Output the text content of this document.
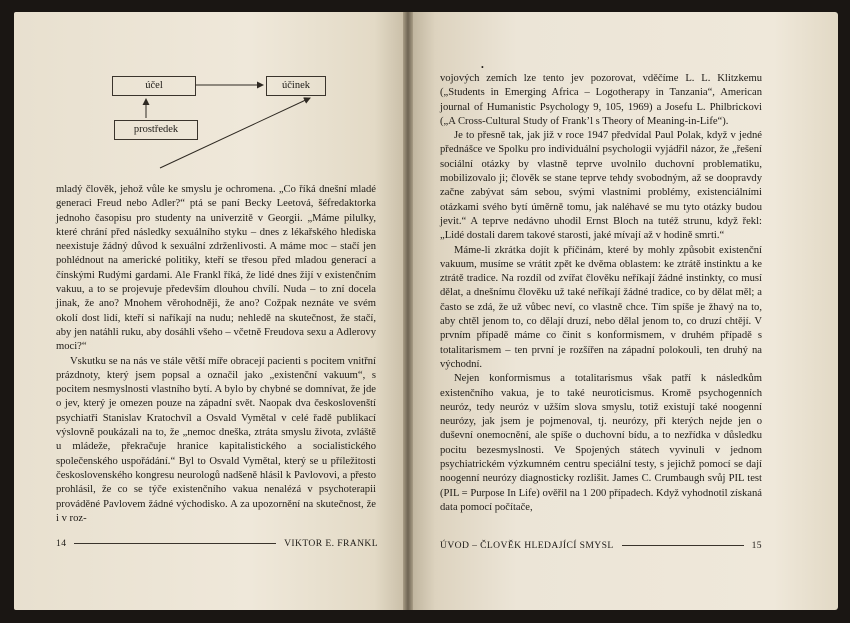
účel	účinek
prostředek

mladý člověk, jehož vůle ke smyslu je ochromena. „Co říká dnešní mladé generaci Freud nebo Adler?“ ptá se paní Becky Leetová, šéfredaktorka jednoho časopisu pro studenty na univerzitě v Georgii. „Máme pilulky, které chrání před následky sexuálního styku – dnes z lékařského hlediska neexistuje žádný důvod k sexuální zdrženlivosti. A máme moc – stačí jen pohlédnout na americké politiky, kteří se třesou před mladou generací a čínskými Rudými gardami. Ale Frankl říká, že lidé dnes žijí v existenčním vakuu, a to se projevuje především dlouhou chvílí. Nuda – to zní docela jinak, že ano? Mnohem věrohodněji, že ano? Cožpak neznáte ve svém okolí dost lidí, kteří si naříkají na nudu; nehledě na skutečnost, že stačí, aby jen natáhli ruku, aby dosáhli všeho – včetně Freudova sexu a Adlerovy moci?“

Vskutku se na nás ve stále větší míře obracejí pacienti s pocitem vnitřní prázdnoty, který jsem popsal a označil jako „existenční vakuum“, s pocitem nesmyslnosti vlastního bytí. A bylo by chybné se domnívat, že jde o jev, který je omezen pouze na západní svět. Naopak dva českoslovenští psychiatři Stanislav Kratochvíl a Osvald Vymětal v celé řadě publikací výslovně poukázali na to, že „nemoc dneška, ztráta smyslu života, zvláště u mládeže, překračuje hranice kapitalistického a socialistického společenského uspořádání.“ Byl to Osvald Vymětal, který se u příležitosti československého kongresu neurologů nadšeně hlásil k Pavlovovi, a přesto prohlásil, že co se týče existenčního vakua nenalézá v psychoterapii prováděné Pavlovem žádné východisko. A za upozornění na skutečnost, že i v roz-

14	VIKTOR E. FRANKL
•

vojových zemích lze tento jev pozorovat, vděčíme L. L. Klitzkemu („Students in Emerging Africa – Logotherapy in Tanzania“, American journal of Humanistic Psychology 9, 105, 1969) a Josefu L. Philbrickovi („A Cross-Cultural Study of Frank’l s Theory of Meaning-in-Life“).

Je to přesně tak, jak již v roce 1947 předvídal Paul Polak, když v jedné přednášce ve Spolku pro individuální psychologii vyjádřil názor, že „řešení sociální otázky by vlastně teprve uvolnilo duchovní problematiku, mobilizovalo ji; člověk se stane teprve tehdy svobodným, až se doopravdy začne zabývat sám sebou, svými vlastními problémy, existenciálními otázkami svého bytí úměrně tomu, jak naléhavé se mu tyto otázky budou jevit.“ A teprve nedávno uhodil Ernst Bloch na tutéž strunu, když řekl: „Lidé dostali darem takové starosti, jaké mívají až v hodině smrti.“

Máme-li zkrátka dojít k příčinám, které by mohly způsobit existenční vakuum, musíme se vrátit zpět ke dvěma oblastem: ke ztrátě instinktu a ke ztrátě tradice. Na rozdíl od zvířat člověku neříkají žádné instinkty, co musí dělat, a dnešnímu člověku už také neříkají žádné tradice, co by dělat měl; a často se zdá, že už vůbec neví, co vlastně chce. Tím spíše je žhavý na to, aby chtěl jenom to, co dělají druzí, nebo dělal jenom to, co druzí chtějí. V prvním případě máme co činit s konformismem, v druhém případě s totalitarismem – ten první je rozšířen na západní polokouli, ten druhý na východní.

Nejen konformismus a totalitarismus však patří k následkům existenčního vakua, je to také neuroticismus. Kromě psychogenních neuróz, tedy neuróz v užším slova smyslu, totiž existují také noogenní neurózy, jak jsem je pojmenoval, tj. neurózy, při kterých nejde jen o duševní onemocnění, ale spíše o duchovní bídu, a to nezřídka v důsledku pocitu bezesmyslnosti. Ve Spojených státech vyvinuli v jednom psychiatrickém výzkumném centru speciální testy, s jejichž pomocí se dají noogenní neurózy diagnosticky rozlišit. James C. Crumbaugh svůj PIL test (PIL = Purpose In Life) ověřil na 1 200 případech. Když vyhodnotil získaná data pomocí počítače,

ÚVOD – ČLOVĚK HLEDAJÍCÍ SMYSL	15
